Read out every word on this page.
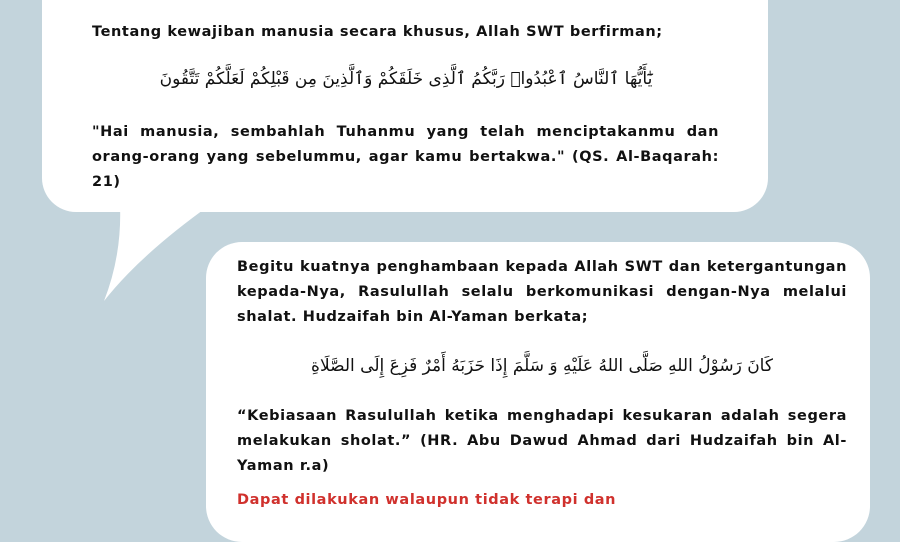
Tentang kewajiban manusia secara khusus, Allah SWT berfirman;

يَٰٓأَيُّهَا ٱلنَّاسُ ٱعْبُدُوا۟ رَبَّكُمُ ٱلَّذِى خَلَقَكُمْ وَٱلَّذِينَ مِن قَبْلِكُمْ لَعَلَّكُمْ تَتَّقُونَ

"Hai manusia, sembahlah Tuhanmu yang telah menciptakanmu dan orang-orang yang sebelummu, agar kamu bertakwa." (QS. Al-Baqarah: 21)

Begitu kuatnya penghambaan kepada Allah SWT dan ketergantungan kepada-Nya, Rasulullah selalu berkomunikasi dengan-Nya melalui shalat. Hudzaifah bin Al-Yaman berkata;

كَانَ رَسُوْلُ اللهِ صَلَّى اللهُ عَلَيْهِ وَ سَلَّمَ إِذَا حَزَبَهُ أَمْرٌ فَزِعَ إِلَى الصَّلَاةِ

“Kebiasaan Rasulullah ketika menghadapi kesukaran adalah segera melakukan sholat.” (HR. Abu Dawud Ahmad dari Hudzaifah bin Al-Yaman r.a)

Dapat dilakukan walaupun tidak terapi dan
